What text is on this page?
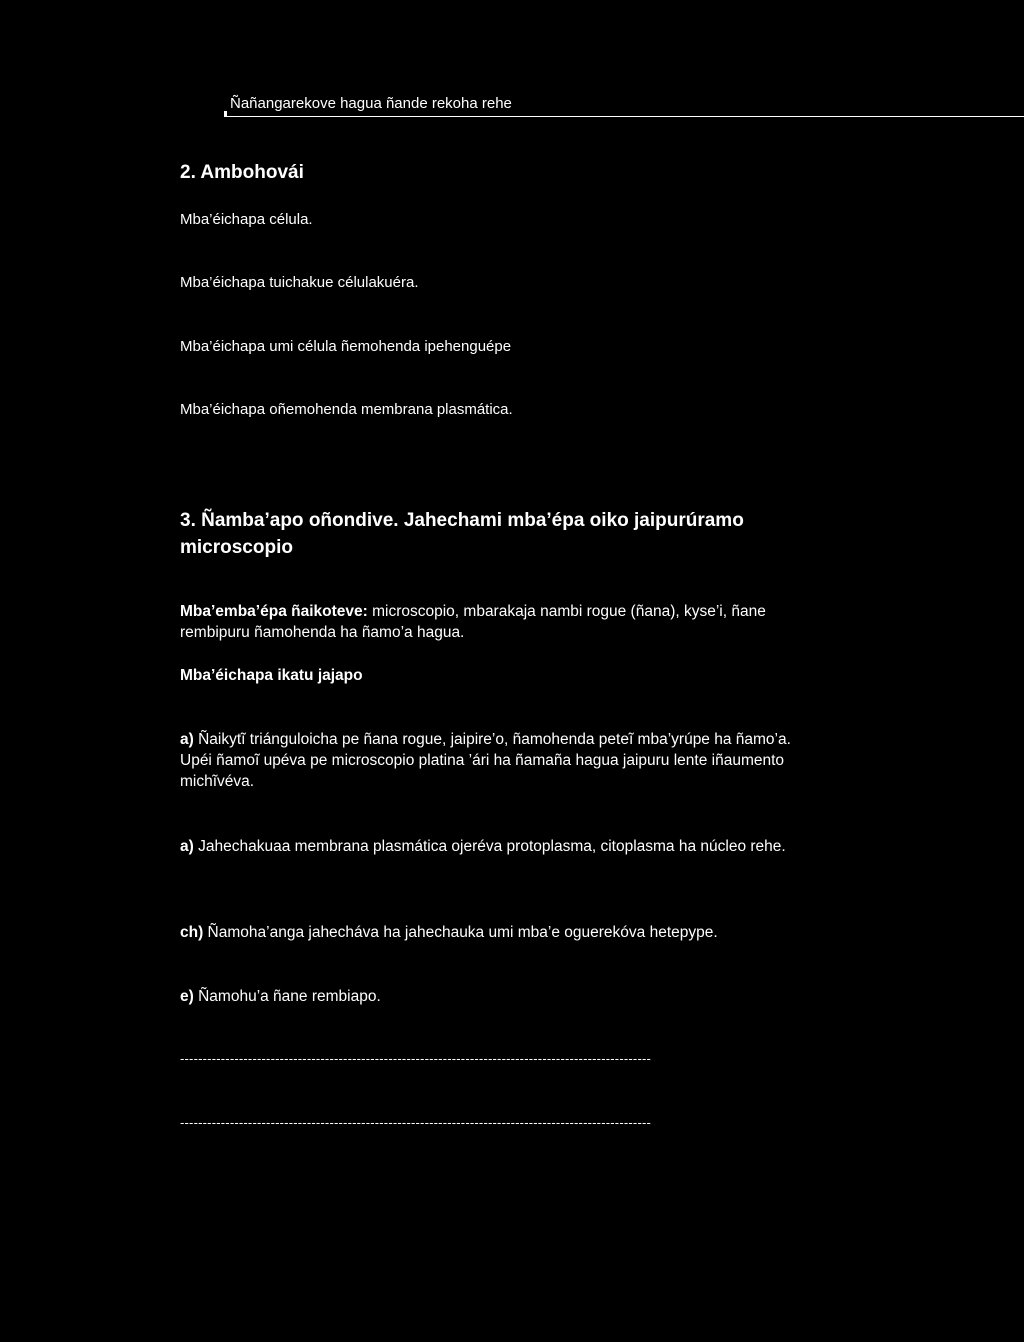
Ñañangarekove hagua ñande rekoha rehe
2. Ambohovái
Mba’éichapa célula.
Mba’éichapa tuichakue célulakuéra.
Mba’éichapa umi célula ñemohenda ipehenguépe
Mba’éichapa oñemohenda membrana plasmática.
3. Ñamba’apo oñondive. Jahechami mba’épa oiko jaipurúramo
microscopio
Mba’emba’épa ñaikoteve: microscopio, mbarakaja nambi rogue (ñana), kyse’i, ñane rembipuru ñamohenda ha ñamo’a hagua.
Mba’éichapa ikatu jajapo
a) Ñaikytĩ triánguloicha pe ñana rogue, jaipire’o, ñamohenda peteĩ mba’yrúpe ha ñamo’a. Upéi ñamoĩ upéva pe microscopio platina ’ári ha ñamaña hagua jaipuru lente iñaumento michĩvéva.
a) Jahechakuaa membrana plasmática ojeréva protoplasma, citoplasma ha núcleo rehe.
ch) Ñamoha’anga jahecháva ha jahechauka umi mba’e oguerekóva hetepype.
e) Ñamohu’a ñane rembiapo.
--------------------------------------------------------------------------------------------------------
--------------------------------------------------------------------------------------------------------
